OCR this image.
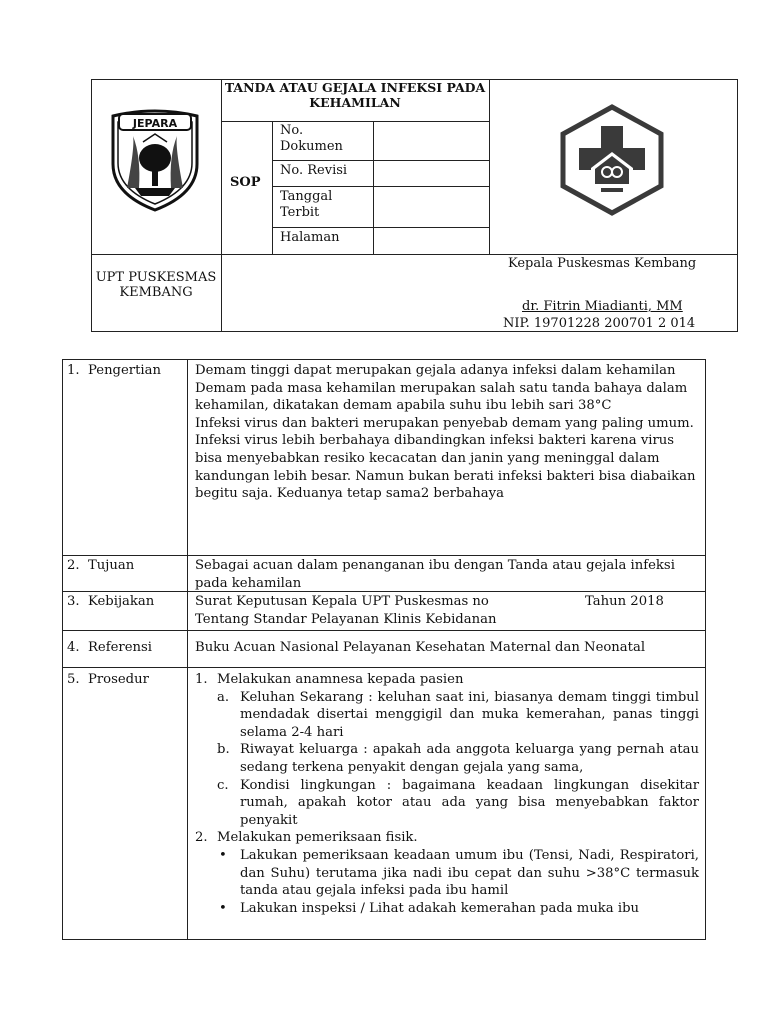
JEPARA
TANDA ATAU GEJALA INFEKSI PADA KEHAMILAN
SOP
No. Dokumen
No. Revisi
Tanggal Terbit
Halaman
UPT PUSKESMAS KEMBANG
Kepala Puskesmas Kembang
dr. Fitrin Miadianti, MM
NIP. 19701228 200701 2 014
1. Pengertian	Demam tinggi dapat merupakan gejala adanya infeksi dalam kehamilan

Demam pada masa kehamilan merupakan salah satu tanda bahaya dalam kehamilan, dikatakan demam apabila suhu ibu lebih sari 38°C

Infeksi virus dan bakteri merupakan penyebab demam yang paling umum. Infeksi virus lebih berbahaya dibandingkan infeksi bakteri karena virus bisa menyebabkan resiko kecacatan dan janin yang meninggal dalam kandungan lebih besar. Namun bukan berati infeksi bakteri bisa diabaikan begitu saja. Keduanya tetap sama2 berbahaya

2. Tujuan	Sebagai acuan dalam penanganan ibu dengan Tanda atau gejala infeksi pada kehamilan
3. Kebijakan	Surat Keputusan Kepala UPT Puskesmas no	Tahun 2018
Tentang Standar Pelayanan Klinis Kebidanan
4. Referensi	Buku Acuan Nasional Pelayanan Kesehatan Maternal dan Neonatal
5. Prosedur	1. Melakukan anamnesa kepada pasien
a. Keluhan Sekarang : keluhan saat ini, biasanya demam tinggi timbul mendadak disertai menggigil dan muka kemerahan, panas tinggi selama 2-4 hari
b. Riwayat keluarga : apakah ada anggota keluarga yang pernah atau sedang terkena penyakit dengan gejala yang sama,
c. Kondisi lingkungan : bagaimana keadaan lingkungan disekitar rumah, apakah kotor atau ada yang bisa menyebabkan faktor penyakit
2. Melakukan pemeriksaan fisik.
• Lakukan pemeriksaan keadaan umum ibu (Tensi, Nadi, Respiratori, dan Suhu) terutama jika nadi ibu cepat dan suhu >38°C termasuk tanda atau gejala infeksi pada ibu hamil
• Lakukan inspeksi / Lihat adakah kemerahan pada muka ibu
